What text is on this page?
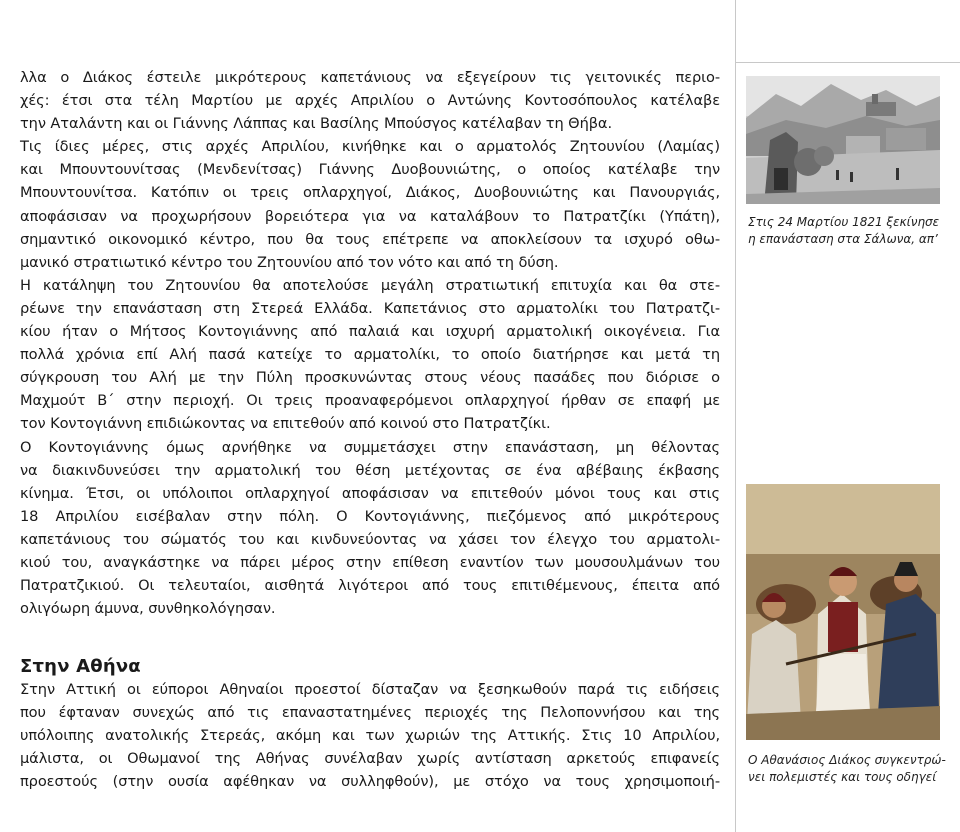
λλα ο Διάκος έστειλε μικρότερους καπετάνιους να εξεγείρουν τις γειτονικές περιο-
χές: έτσι στα τέλη Μαρτίου με αρχές Απριλίου ο Αντώνης Κοντοσόπουλος κατέλαβε
την Αταλάντη και οι Γιάννης Λάππας και Βασίλης Μπούσγος κατέλαβαν τη Θήβα.
Τις ίδιες μέρες, στις αρχές Απριλίου, κινήθηκε και ο αρματολός Ζητουνίου (Λαμίας)
και Μπουντουνίτσας (Μενδενίτσας) Γιάννης Δυοβουνιώτης, ο οποίος κατέλαβε την
Μπουντουνίτσα. Κατόπιν οι τρεις οπλαρχηγοί, Διάκος, Δυοβουνιώτης και Πανουργιάς,
αποφάσισαν να προχωρήσουν βορειότερα για να καταλάβουν το Πατρατζίκι (Υπάτη),
σημαντικό οικονομικό κέντρο, που θα τους επέτρεπε να αποκλείσουν τα ισχυρό οθω-
μανικό στρατιωτικό κέντρο του Ζητουνίου από τον νότο και από τη δύση.
Η κατάληψη του Ζητουνίου θα αποτελούσε μεγάλη στρατιωτική επιτυχία και θα στε-
ρέωνε την επανάσταση στη Στερεά Ελλάδα. Καπετάνιος στο αρματολίκι του Πατρατζι-
κίου ήταν ο Μήτσος Κοντογιάννης από παλαιά και ισχυρή αρματολική οικογένεια. Για
πολλά χρόνια επί Αλή πασά κατείχε το αρματολίκι, το οποίο διατήρησε και μετά τη
σύγκρουση του Αλή με την Πύλη προσκυνώντας στους νέους πασάδες που διόρισε ο
Μαχμούτ Β΄ στην περιοχή. Οι τρεις προαναφερόμενοι οπλαρχηγοί ήρθαν σε επαφή με
τον Κοντογιάννη επιδιώκοντας να επιτεθούν από κοινού στο Πατρατζίκι.
Ο Κοντογιάννης όμως αρνήθηκε να συμμετάσχει στην επανάσταση, μη θέλοντας
να διακινδυνεύσει την αρματολική του θέση μετέχοντας σε ένα αβέβαιης έκβασης
κίνημα. Έτσι, οι υπόλοιποι οπλαρχηγοί αποφάσισαν να επιτεθούν μόνοι τους και στις
18 Απριλίου εισέβαλαν στην πόλη. Ο Κοντογιάννης, πιεζόμενος από μικρότερους
καπετάνιους του σώματός του και κινδυνεύοντας να χάσει τον έλεγχο του αρματολι-
κιού του, αναγκάστηκε να πάρει μέρος στην επίθεση εναντίον των μουσουλμάνων του
Πατρατζικιού. Οι τελευταίοι, αισθητά λιγότεροι από τους επιτιθέμενους, έπειτα από
ολιγόωρη άμυνα, συνθηκολόγησαν.
Στην Αθήνα
Στην Αττική οι εύποροι Αθηναίοι προεστοί δίσταζαν να ξεσηκωθούν παρά τις ειδήσεις
που έφταναν συνεχώς από τις επαναστατημένες περιοχές της Πελοποννήσου και της
υπόλοιπης ανατολικής Στερεάς, ακόμη και των χωριών της Αττικής. Στις 10 Απριλίου,
μάλιστα, οι Οθωμανοί της Αθήνας συνέλαβαν χωρίς αντίσταση αρκετούς επιφανείς
προεστούς (στην ουσία αφέθηκαν να συλληφθούν), με στόχο να τους χρησιμοποιή-
Στις 24 Μαρτίου 1821 ξεκίνησε
η επανάσταση στα Σάλωνα, απ’
Ο Αθανάσιος Διάκος συγκεντρώ-
νει πολεμιστές και τους οδηγεί
